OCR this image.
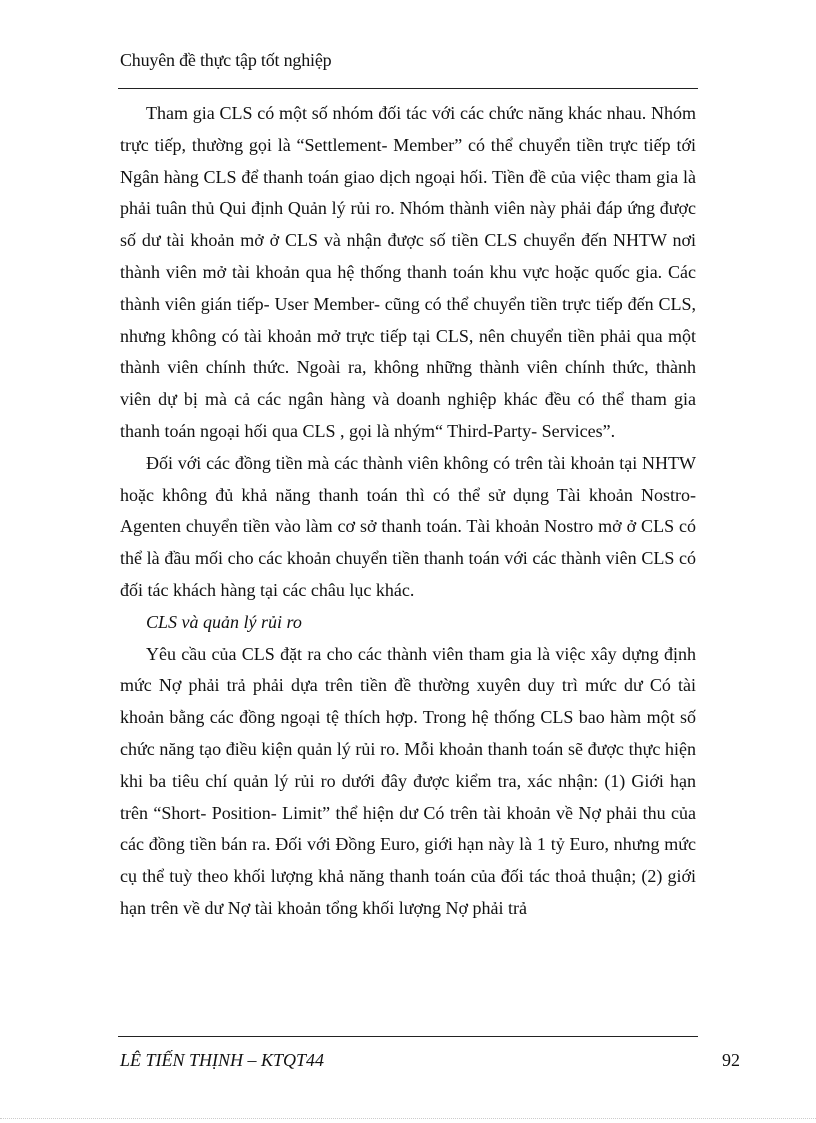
Chuyên đề thực tập tốt nghiệp

Tham gia CLS có một số nhóm đối tác với các chức năng khác nhau. Nhóm trực tiếp, thường gọi là “Settlement- Member” có thể chuyển tiền trực tiếp tới Ngân hàng CLS để thanh toán giao dịch ngoại hối. Tiền đề của việc tham gia là phải tuân thủ Qui định Quản lý rủi ro. Nhóm thành viên này phải đáp ứng được số dư tài khoản mở ở CLS và nhận được số tiền CLS chuyển đến NHTW nơi thành viên mở tài khoản qua hệ thống thanh toán khu vực hoặc quốc gia. Các thành viên gián tiếp- User Member- cũng có thể chuyển tiền trực tiếp đến CLS, nhưng không có tài khoản mở trực tiếp tại CLS, nên chuyển tiền phải qua một thành viên chính thức. Ngoài ra, không những thành viên chính thức, thành viên dự bị mà cả các ngân hàng và doanh nghiệp khác đều có thể tham gia thanh toán ngoại hối qua CLS , gọi là nhým“ Third-Party- Services”.

Đối với các đồng tiền mà các thành viên không có trên tài khoản tại NHTW hoặc không đủ khả năng thanh toán thì có thể sử dụng Tài khoản Nostro- Agenten chuyển tiền vào làm cơ sở thanh toán. Tài khoản Nostro mở ở CLS có thể là đầu mối cho các khoản chuyển tiền thanh toán với các thành viên CLS có đối tác khách hàng tại các châu lục khác.

CLS và quản lý rủi ro

Yêu cầu của CLS đặt ra cho các thành viên tham gia là việc xây dựng định mức Nợ phải trả phải dựa trên tiền đề thường xuyên duy trì mức dư Có tài khoản bằng các đồng ngoại tệ thích hợp. Trong hệ thống CLS bao hàm một số chức năng tạo điều kiện quản lý rủi ro. Mỗi khoản thanh toán sẽ được thực hiện khi ba tiêu chí quản lý rủi ro dưới đây được kiểm tra, xác nhận: (1) Giới hạn trên “Short- Position- Limit” thể hiện dư Có trên tài khoản về Nợ phải thu của các đồng tiền bán ra. Đối với Đồng Euro, giới hạn này là 1 tỷ Euro, nhưng mức cụ thể tuỳ theo khối lượng khả năng thanh toán của đối tác thoả thuận; (2) giới hạn trên về dư Nợ tài khoản tổng khối lượng Nợ phải trả

LÊ TIẾN THỊNH – KTQT44	92
